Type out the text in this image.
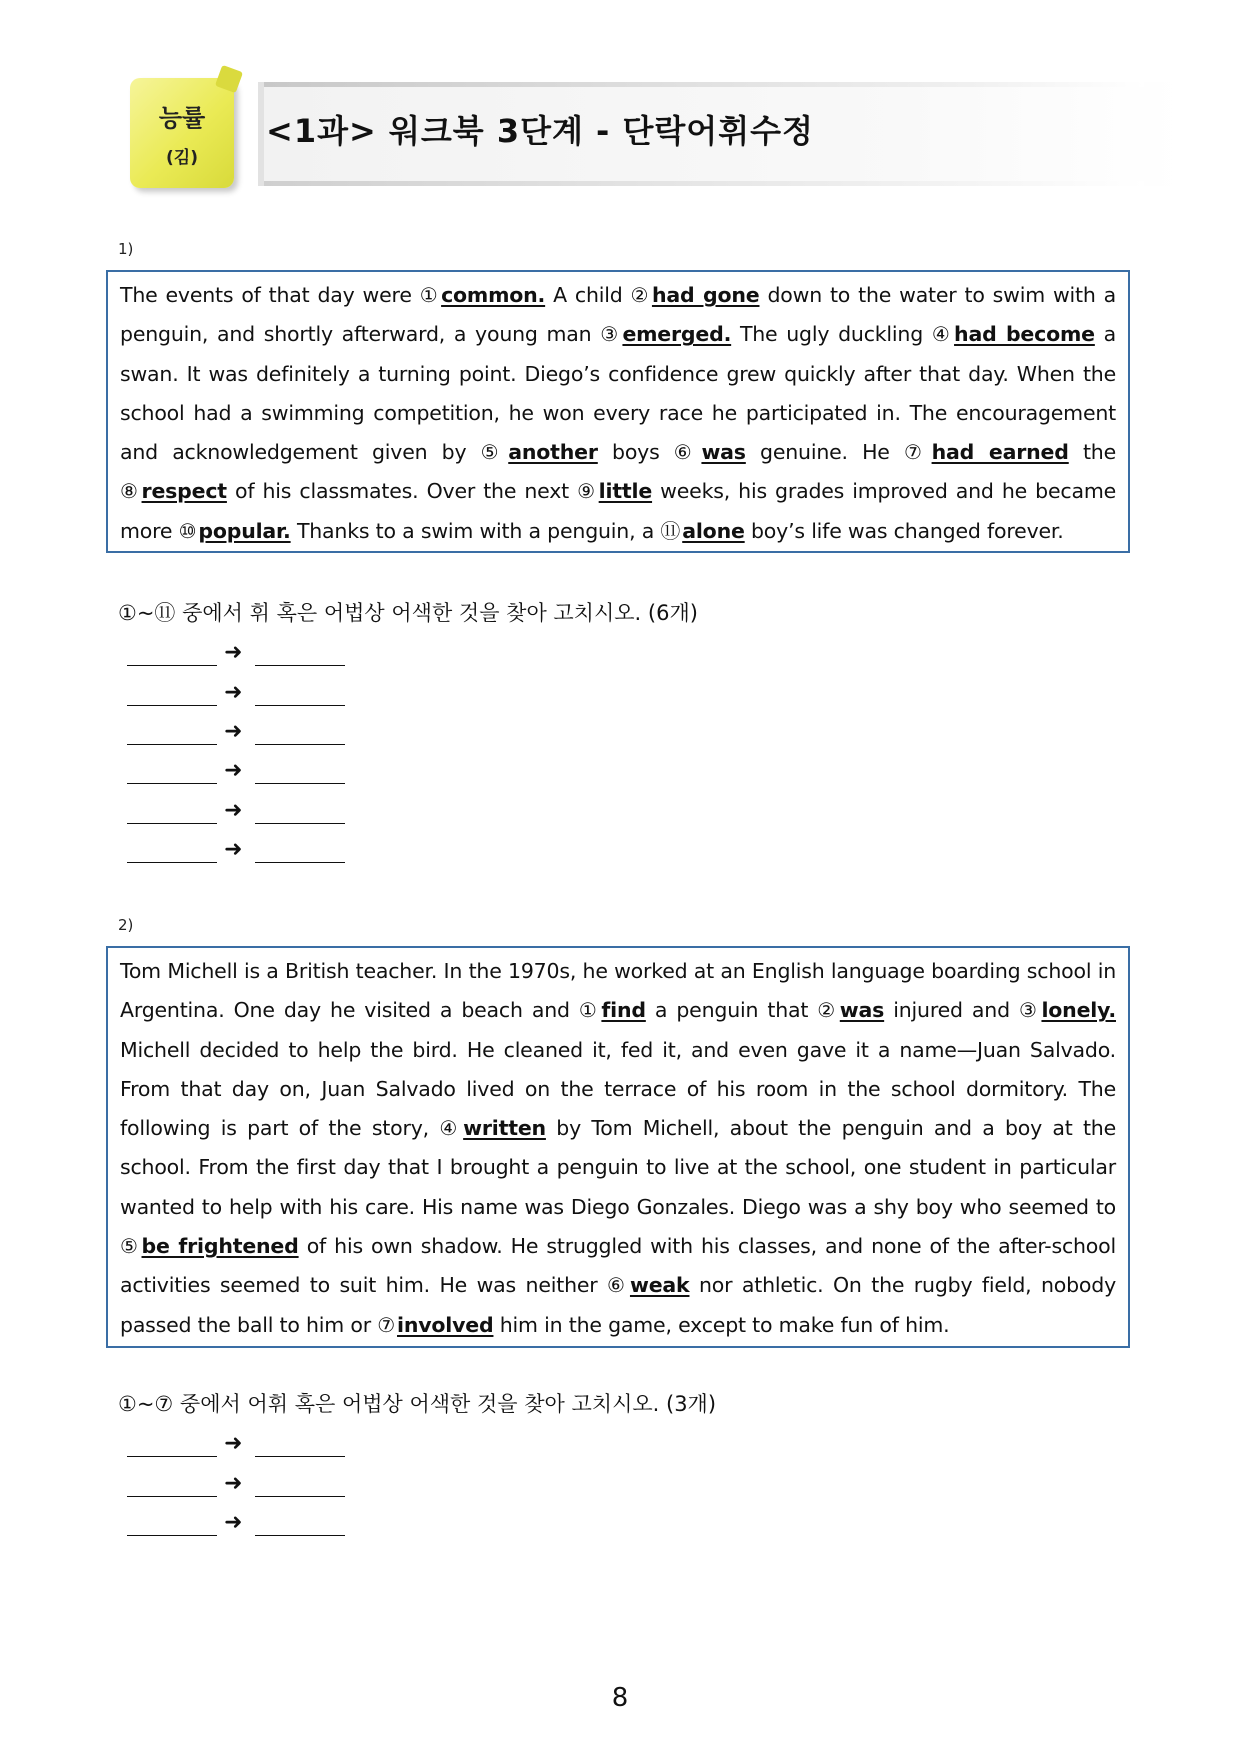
능률
(김)
<1과> 워크북 3단계 - 단락어휘수정
1)
The events of that day were ①common. A child ②had gone down to the water to swim with a penguin, and shortly afterward, a young man ③emerged. The ugly duckling ④had become a swan. It was definitely a turning point. Diego’s confidence grew quickly after that day. When the school had a swimming competition, he won every race he participated in. The encouragement and acknowledgement given by ⑤another boys ⑥was genuine. He ⑦had earned the ⑧respect of his classmates. Over the next ⑨little weeks, his grades improved and he became more ⑩popular. Thanks to a swim with a penguin, a ⑪alone boy’s life was changed forever.
①~⑪ 중에서 휘 혹은 어법상 어색한 것을 찾아 고치시오. (6개)
➜
➜
➜
➜
➜
➜
2)
Tom Michell is a British teacher. In the 1970s, he worked at an English language boarding school in Argentina. One day he visited a beach and ①find a penguin that ②was injured and ③lonely. Michell decided to help the bird. He cleaned it, fed it, and even gave it a name—Juan Salvado. From that day on, Juan Salvado lived on the terrace of his room in the school dormitory. The following is part of the story, ④written by Tom Michell, about the penguin and a boy at the school. From the first day that I brought a penguin to live at the school, one student in particular wanted to help with his care. His name was Diego Gonzales. Diego was a shy boy who seemed to ⑤be frightened of his own shadow. He struggled with his classes, and none of the after-school activities seemed to suit him. He was neither ⑥weak nor athletic. On the rugby field, nobody passed the ball to him or ⑦involved him in the game, except to make fun of him.
①~⑦ 중에서 어휘 혹은 어법상 어색한 것을 찾아 고치시오. (3개)
➜
➜
➜
8
